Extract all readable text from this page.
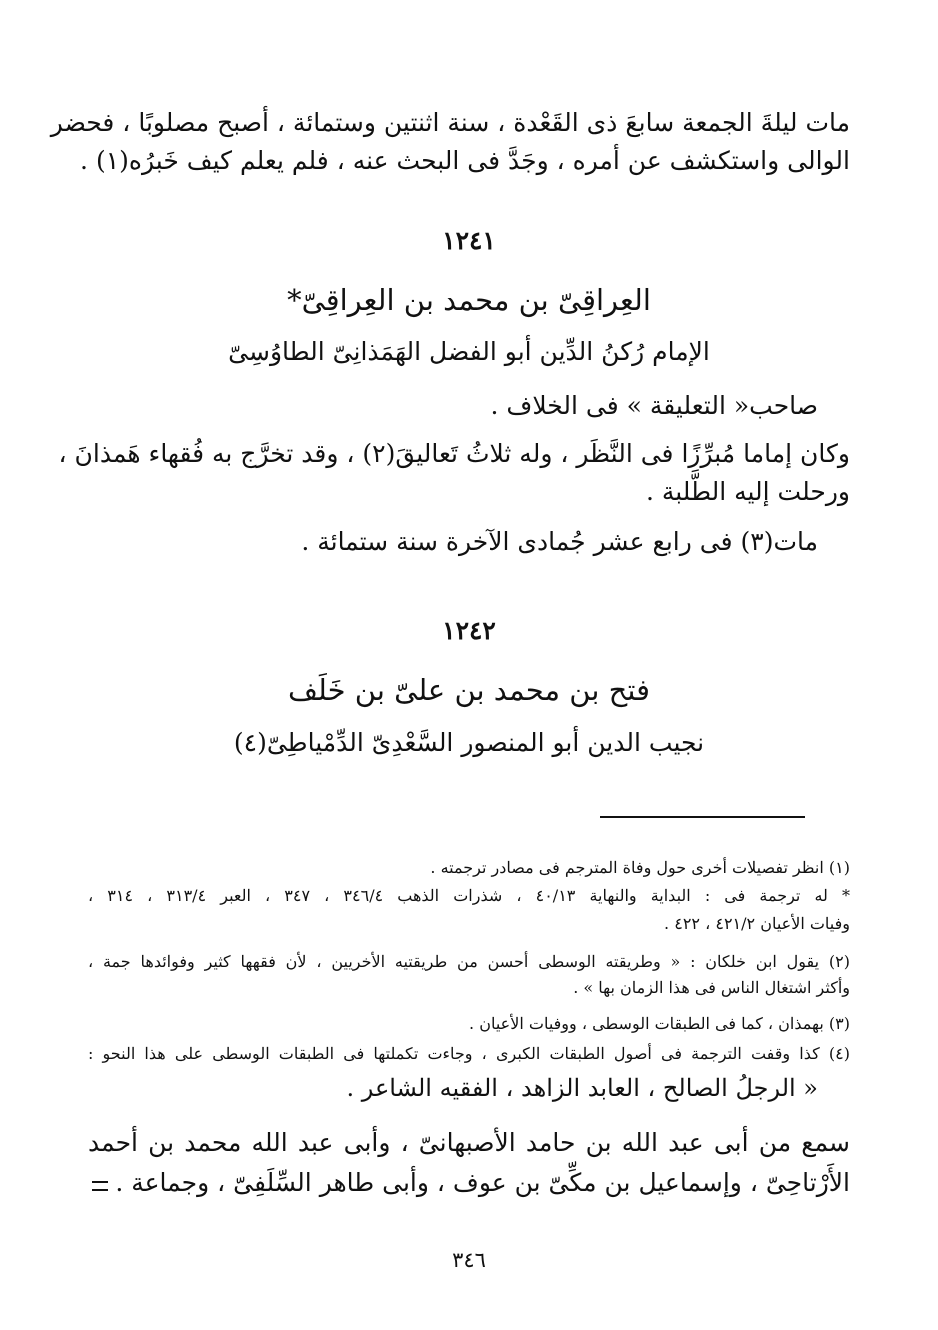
مات ليلةَ الجمعة سابعَ ذى القَعْدة ، سنة اثنتين وستمائة ، أصبح مصلوبًا ، فحضر
الوالى واستكشف عن أمره ، وجَدَّ فى البحث عنه ، فلم يعلم كيف خَبرُه(١) .
١٢٤١
العِراقِىّ بن محمد بن العِراقِىّ*
الإمام رُكنُ الدِّين أبو الفضل الهَمَذانِىّ الطاوُسِىّ
صاحب« التعليقة » فى الخلاف .
وكان إماما مُبرِّزًا فى النَّظَر ، وله ثلاثُ تَعاليقَ(٢) ، وقد تخرَّج به فُقهاء هَمذانَ ،
ورحلت إليه الطَّلبة .
مات(٣) فى رابع عشر جُمادى الآخرة سنة ستمائة .
١٢٤٢
فتح بن محمد بن علىّ بن خَلَف
نجيب الدين أبو المنصور السَّعْدِىّ الدِّمْياطِىّ(٤)
(١) انظر تفصيلات أخرى حول وفاة المترجم فى مصادر ترجمته .
* له ترجمة فى : البداية والنهاية ٤٠/١٣ ، شذرات الذهب ٣٤٦/٤ ، ٣٤٧ ، العبر ٣١٣/٤ ، ٣١٤ ،
وفيات الأعيان ٤٢١/٢ ، ٤٢٢ .
(٢) يقول ابن خلكان : « وطريقته الوسطى أحسن من طريقتيه الأخريين ، لأن فقهها كثير وفوائدها جمة ،
وأكثر اشتغال الناس فى هذا الزمان بها » .
(٣) بهمذان ، كما فى الطبقات الوسطى ، ووفيات الأعيان .
(٤) كذا وقفت الترجمة فى أصول الطبقات الكبرى ، وجاءت تكملتها فى الطبقات الوسطى على هذا النحو :
« الرجلُ الصالح ، العابد الزاهد ، الفقيه الشاعر .
سمع من أبى عبد الله بن حامد الأصبهانىّ ، وأبى عبد الله محمد بن أحمد
الأَرْتاحِىّ ، وإسماعيل بن مكِّىّ بن عوف ، وأبى طاهر السِّلَفِىّ ، وجماعة .
٣٤٦
